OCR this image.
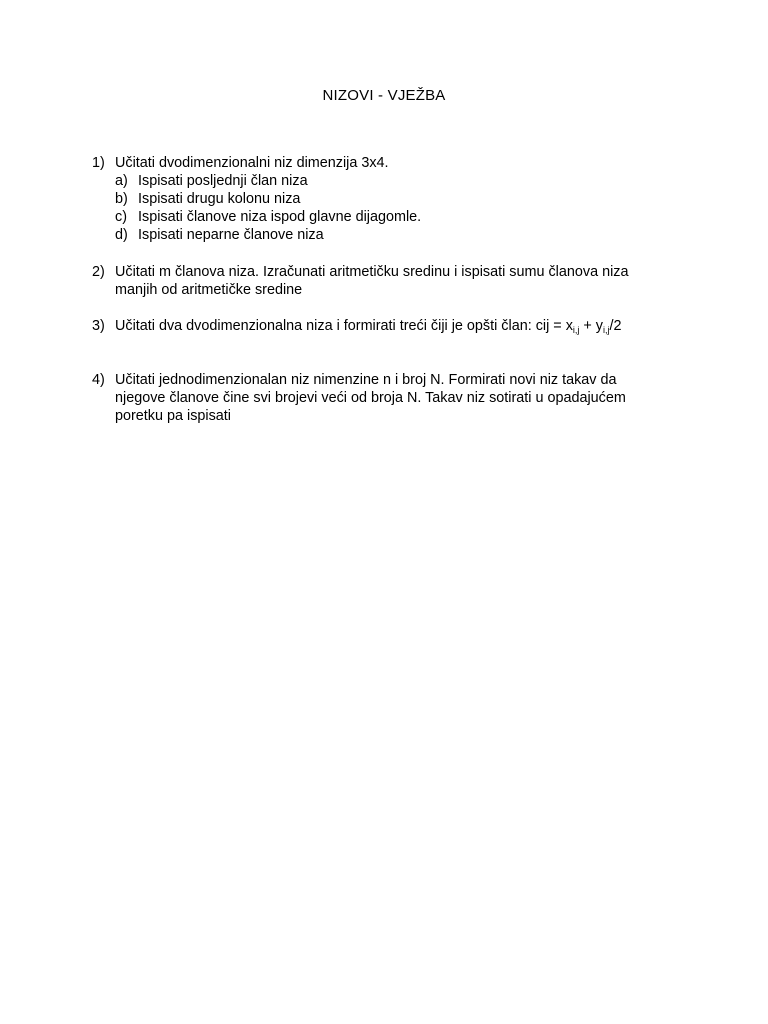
NIZOVI - VJEŽBA
1) Učitati dvodimenzionalni niz dimenzija 3x4.
a) Ispisati posljednji član niza
b) Ispisati drugu kolonu niza
c) Ispisati članove niza ispod glavne dijagomle.
d) Ispisati neparne članove niza
2) Učitati m članova niza. Izračunati aritmetičku sredinu i ispisati sumu članova niza
manjih od aritmetičke sredine
3) Učitati dva dvodimenzionalna niza i formirati treći čiji je opšti član: cij = $x_{i,j} + y_{i,j}/2$
4) Učitati jednodimenzionalan niz nimenzine n i broj N. Formirati novi niz takav da
njegove članove čine svi brojevi veći od broja N. Takav niz sotirati u opadajućem
poretku pa ispisati
